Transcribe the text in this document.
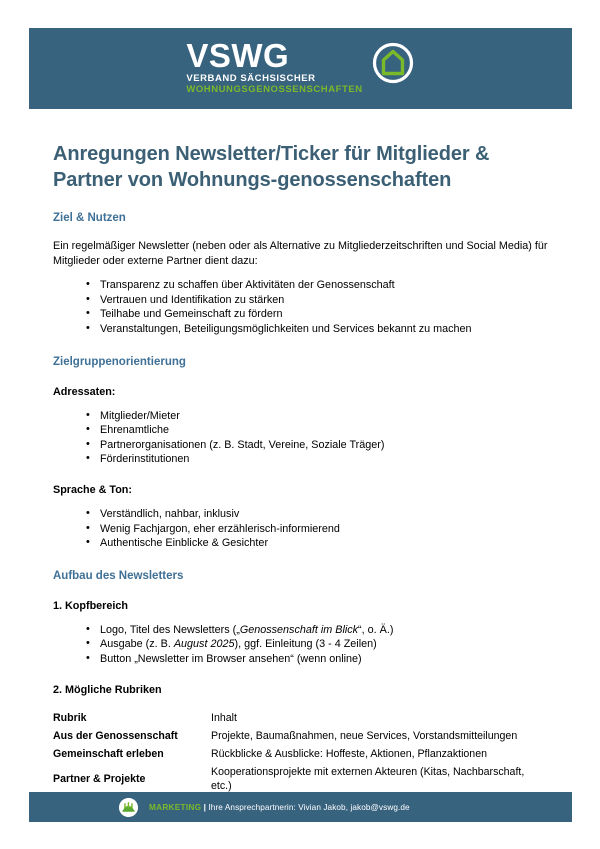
VSWG
VERBAND SÄCHSISCHER
WOHNUNGSGENOSSENSCHAFTEN
Anregungen Newsletter/Ticker für Mitglieder & Partner von Wohnungs-genossenschaften
Ziel & Nutzen

Ein regelmäßiger Newsletter (neben oder als Alternative zu Mitgliederzeitschriften und Social Media) für Mitglieder oder externe Partner dient dazu:

• Transparenz zu schaffen über Aktivitäten der Genossenschaft
• Vertrauen und Identifikation zu stärken
• Teilhabe und Gemeinschaft zu fördern
• Veranstaltungen, Beteiligungsmöglichkeiten und Services bekannt zu machen
Zielgruppenorientierung
Adressaten:
• Mitglieder/Mieter
• Ehrenamtliche
• Partnerorganisationen (z. B. Stadt, Vereine, Soziale Träger)
• Förderinstitutionen
Sprache & Ton:
• Verständlich, nahbar, inklusiv
• Wenig Fachjargon, eher erzählerisch-informierend
• Authentische Einblicke & Gesichter
Aufbau des Newsletters
1. Kopfbereich
• Logo, Titel des Newsletters („Genossenschaft im Blick“, o. Ä.)
• Ausgabe (z. B. August 2025), ggf. Einleitung (3 - 4 Zeilen)
• Button „Newsletter im Browser ansehen“ (wenn online)
2. Mögliche Rubriken
Rubrik	Inhalt
Aus der Genossenschaft	Projekte, Baumaßnahmen, neue Services, Vorstandsmitteilungen
Gemeinschaft erleben	Rückblicke & Ausblicke: Hoffeste, Aktionen, Pflanzaktionen
Partner & Projekte	Kooperationsprojekte mit externen Akteuren (Kitas, Nachbarschaft, etc.)
MARKETING | Ihre Ansprechpartnerin: Vivian Jakob, jakob@vswg.de
